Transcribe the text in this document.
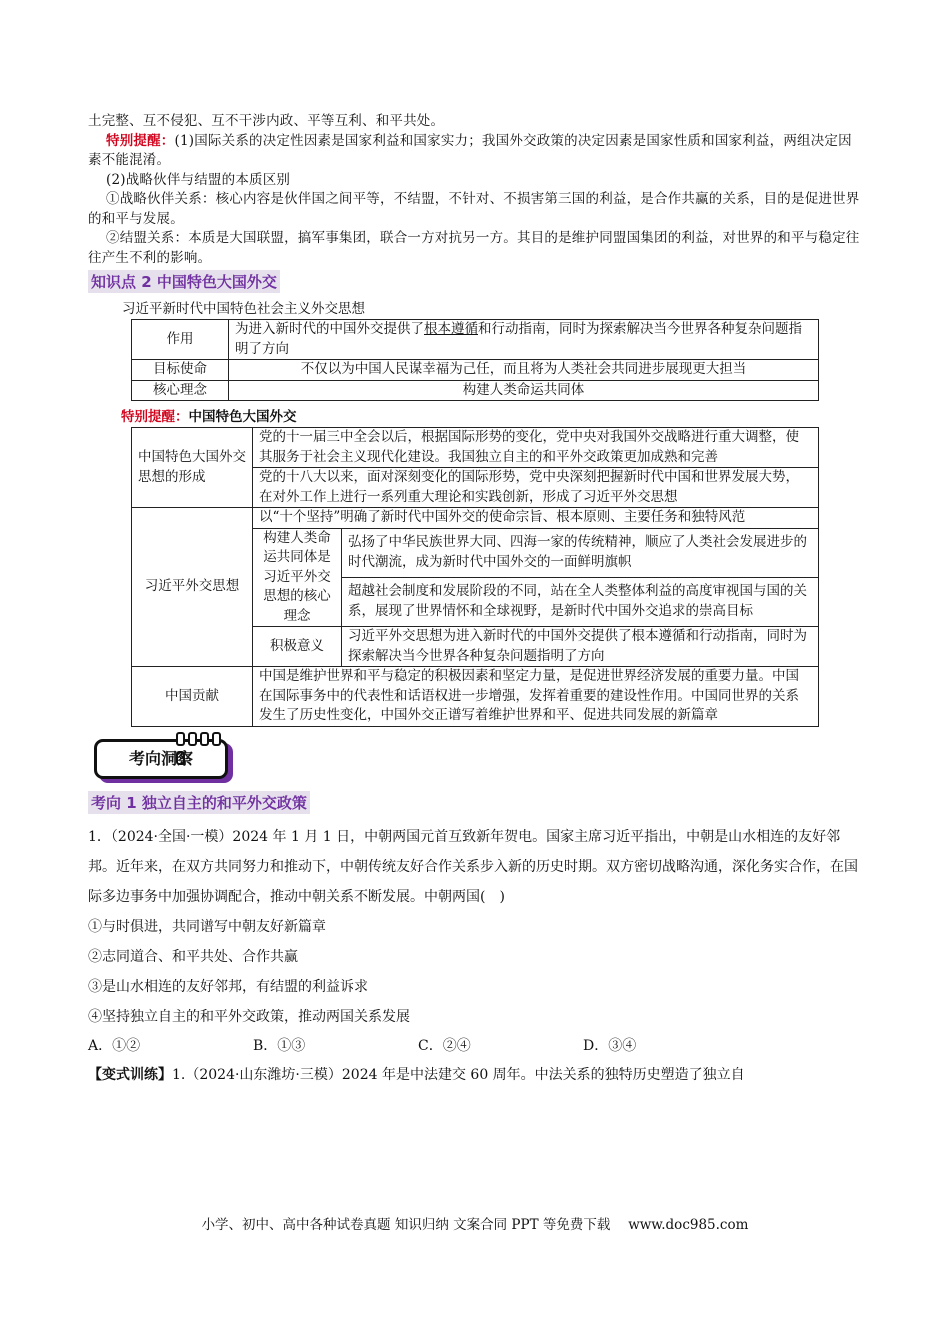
土完整、互不侵犯、互不干涉内政、平等互利、和平共处。

特别提醒：(1)国际关系的决定性因素是国家利益和国家实力；我国外交政策的决定因素是国家性质和国家利益，两组决定因素不能混淆。

(2)战略伙伴与结盟的本质区别

①战略伙伴关系：核心内容是伙伴国之间平等，不结盟，不针对、不损害第三国的利益，是合作共赢的关系，目的是促进世界的和平与发展。

②结盟关系：本质是大国联盟，搞军事集团，联合一方对抗另一方。其目的是维护同盟国集团的利益，对世界的和平与稳定往往产生不利的影响。

知识点 2 中国特色大国外交
习近平新时代中国特色社会主义外交思想
作用	为进入新时代的中国外交提供了根本遵循和行动指南，同时为探索解决当今世界各种复杂问题指明了方向
目标使命	不仅以为中国人民谋幸福为己任，而且将为人类社会共同进步展现更大担当
核心理念	构建人类命运共同体
特别提醒：中国特色大国外交
中国特色大国外交思想的形成	党的十一届三中全会以后，根据国际形势的变化，党中央对我国外交战略进行重大调整，使其服务于社会主义现代化建设。我国独立自主的和平外交政策更加成熟和完善	
	党的十八大以来，面对深刻变化的国际形势，党中央深刻把握新时代中国和世界发展大势，在对外工作上进行一系列重大理论和实践创新，形成了习近平外交思想	
习近平外交思想	以“十个坚持”明确了新时代中国外交的使命宗旨、根本原则、主要任务和独特风范	
	构建人类命运共同体是习近平外交思想的核心理念	弘扬了中华民族世界大同、四海一家的传统精神，顺应了人类社会发展进步的时代潮流，成为新时代中国外交的一面鲜明旗帜
		超越社会制度和发展阶段的不同，站在全人类整体利益的高度审视国与国的关系，展现了世界情怀和全球视野，是新时代中国外交追求的崇高目标
	积极意义	习近平外交思想为进入新时代的中国外交提供了根本遵循和行动指南，同时为探索解决当今世界各种复杂问题指明了方向
中国贡献	中国是维护世界和平与稳定的积极因素和坚定力量，是促进世界经济发展的重要力量。中国在国际事务中的代表性和话语权进一步增强，发挥着重要的建设性作用。中国同世界的关系发生了历史性变化，中国外交正谱写着维护世界和平、促进共同发展的新篇章	
考向洞察
考向 1 独立自主的和平外交政策

1．（2024·全国·一模）2024 年 1 月 1 日，中朝两国元首互致新年贺电。国家主席习近平指出，中朝是山水相连的友好邻邦。近年来，在双方共同努力和推动下，中朝传统友好合作关系步入新的历史时期。双方密切战略沟通，深化务实合作，在国际多边事务中加强协调配合，推动中朝关系不断发展。中朝两国(　)

①与时俱进，共同谱写中朝友好新篇章

②志同道合、和平共处、合作共赢

③是山水相连的友好邻邦，有结盟的利益诉求

④坚持独立自主的和平外交政策，推动两国关系发展

A．①②	B．①③	C．②④	D．③④

【变式训练】1.（2024·山东潍坊·三模）2024 年是中法建交 60 周年。中法关系的独特历史塑造了独立自

小学、初中、高中各种试卷真题 知识归纳 文案合同 PPT 等免费下载　 www.doc985.com
